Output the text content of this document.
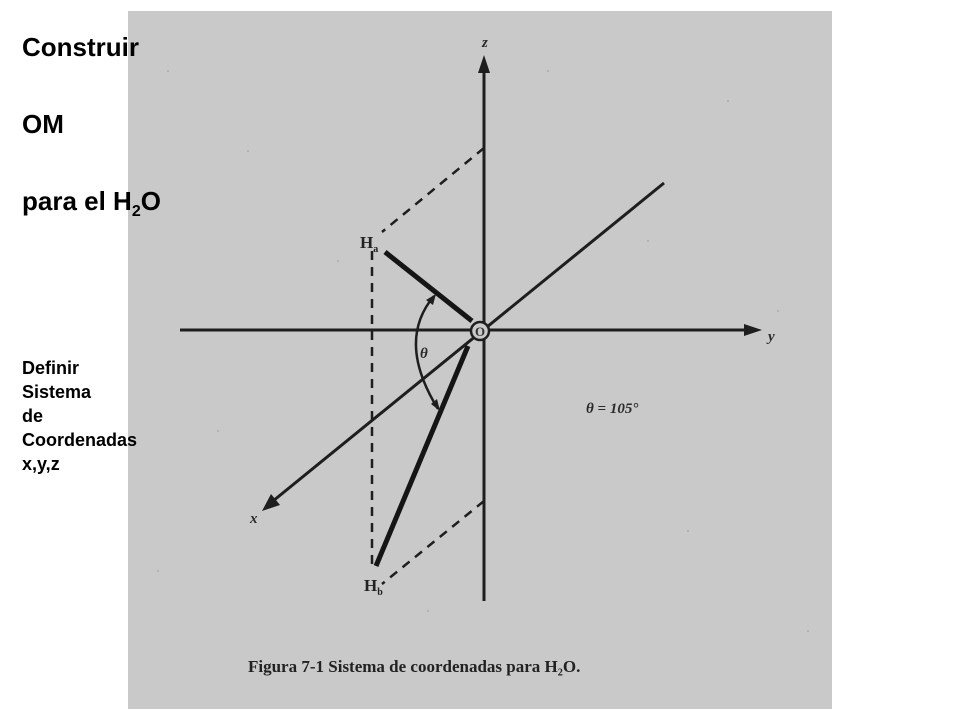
z
y
x
θ
O
$H_a$
$H_b$
θ = 105°
Figura 7-1 Sistema de coordenadas para H₂O.
Construir
OM
para el $H_2O$
Definir
Sistema
de
Coordenadas
x,y,z
